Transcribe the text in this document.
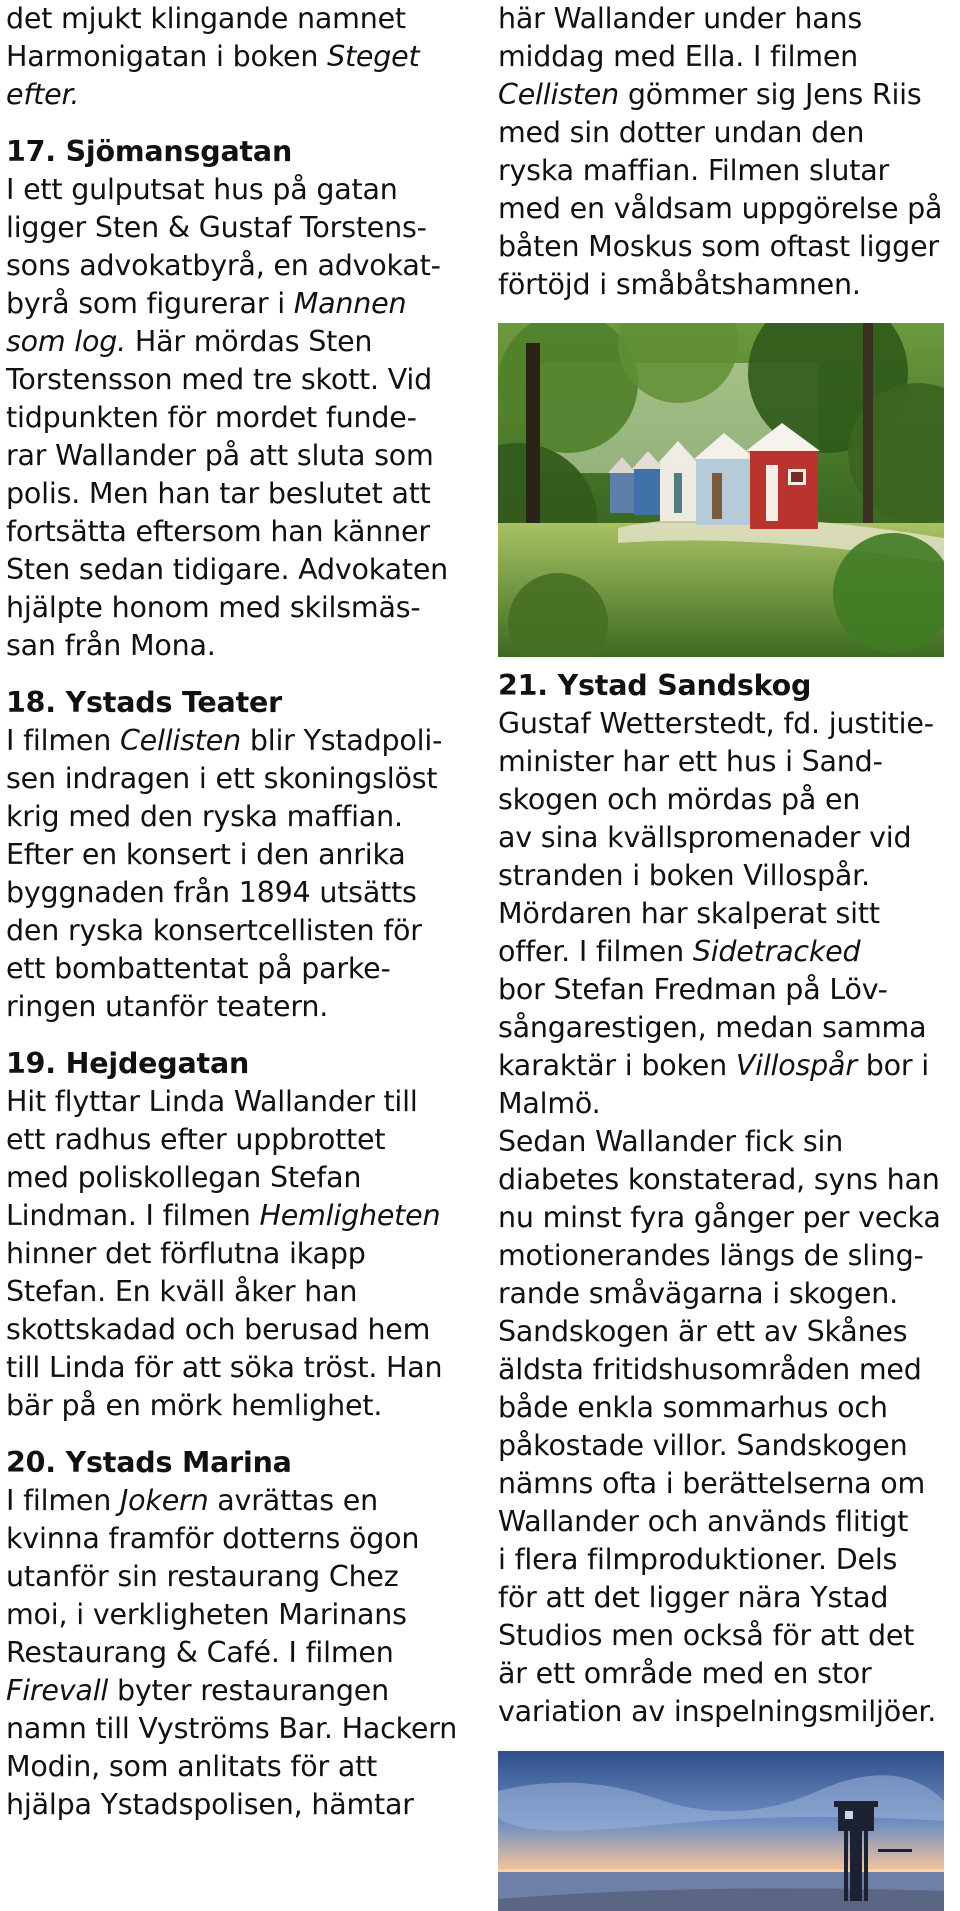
det mjukt klingande namnet
Harmonigatan i boken Steget
efter.
17. Sjömansgatan
I ett gulputsat hus på gatan
ligger Sten & Gustaf Torstens-
sons advokatbyrå, en advokat-
byrå som figurerar i Mannen
som log. Här mördas Sten
Torstensson med tre skott. Vid
tidpunkten för mordet funde-
rar Wallander på att sluta som
polis. Men han tar beslutet att
fortsätta eftersom han känner
Sten sedan tidigare. Advokaten
hjälpte honom med skilsmäs-
san från Mona.
18. Ystads Teater
I filmen Cellisten blir Ystadpoli-
sen indragen i ett skoningslöst
krig med den ryska maffian.
Efter en konsert i den anrika
byggnaden från 1894 utsätts
den ryska konsertcellisten för
ett bombattentat på parke-
ringen utanför teatern.
19. Hejdegatan
Hit flyttar Linda Wallander till
ett radhus efter uppbrottet
med poliskollegan Stefan
Lindman. I filmen Hemligheten
hinner det förflutna ikapp
Stefan. En kväll åker han
skottskadad och berusad hem
till Linda för att söka tröst. Han
bär på en mörk hemlighet.
20. Ystads Marina
I filmen Jokern avrättas en
kvinna framför dotterns ögon
utanför sin restaurang Chez
moi, i verkligheten Marinans
Restaurang & Café. I filmen
Firevall byter restaurangen
namn till Vyströms Bar. Hackern
Modin, som anlitats för att
hjälpa Ystadspolisen, hämtar
här Wallander under hans
middag med Ella. I filmen
Cellisten gömmer sig Jens Riis
med sin dotter undan den
ryska maffian. Filmen slutar
med en våldsam uppgörelse på
båten Moskus som oftast ligger
förtöjd i småbåtshamnen.
21. Ystad Sandskog
Gustaf Wetterstedt, fd. justitie-
minister har ett hus i Sand-
skogen och mördas på en
av sina kvällspromenader vid
stranden i boken Villospår.
Mördaren har skalperat sitt
offer. I filmen Sidetracked
bor Stefan Fredman på Löv-
sångarestigen, medan samma
karaktär i boken Villospår bor i
Malmö.
Sedan Wallander fick sin
diabetes konstaterad, syns han
nu minst fyra gånger per vecka
motionerandes längs de sling-
rande småvägarna i skogen.
Sandskogen är ett av Skånes
äldsta fritidshusområden med
både enkla sommarhus och
påkostade villor. Sandskogen
nämns ofta i berättelserna om
Wallander och används flitigt
i flera filmproduktioner. Dels
för att det ligger nära Ystad
Studios men också för att det
är ett område med en stor
variation av inspelningsmiljöer.
